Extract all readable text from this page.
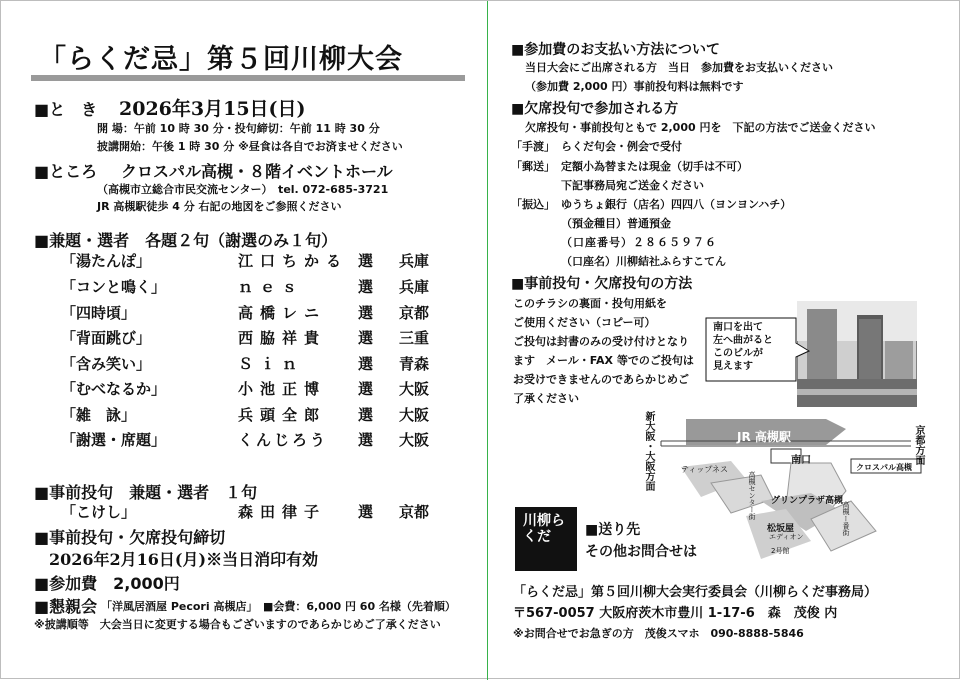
「らくだ忌」第５回川柳大会
■と　き 2026年3月15日(日)
開 場：午前 10 時 30 分・投句締切：午前 11 時 30 分
披講開始：午後 1 時 30 分 ※昼食は各自でお済ませください
■ところ クロスパル高槻・８階イベントホール
（高槻市立総合市民交流センター）　tel. 072-685-3721
JR 高槻駅徒歩 4 分 右記の地図をご参照ください
■兼題・選者　各題２句（謝選のみ１句）
「湯たんぽ」	江口ちかる 選 兵庫
「コンと鳴く」	ｎｅｓ	選 兵庫
「四時頃」	高橋レニ 選 京都
「背面跳び」	西脇祥貴 選 三重
「含み笑い」	Ｓｉｎ	選 青森
「むべなるか」	小池正博 選 大阪
「雑　詠」	兵頭全郎 選 大阪
「謝選・席題」	くんじろう 選 大阪
■事前投句　兼題・選者　１句
「こけし」	森田律子 選 京都
■事前投句・欠席投句締切
2026年2月16日(月)※当日消印有効
■参加費　2,000円
■懇親会 「洋風居酒屋 Pecori 高槻店」　■会費：6,000 円 60 名様（先着順）
※披講順等　大会当日に変更する場合もございますのであらかじめご了承ください
■参加費のお支払い方法について
当日大会にご出席される方　当日　参加費をお支払いください
（参加費 2,000 円）事前投句料は無料です
■欠席投句で参加される方
欠席投句・事前投句ともで 2,000 円を　下記の方法でご送金ください
「手渡」 らくだ句会・例会で受付
「郵送」 定額小為替または現金（切手は不可）
下記事務局宛ご送金ください
「振込」 ゆうちょ銀行（店名）四四八（ヨンヨンハチ）
（預金種目）普通預金
（口座番号）２８６５９７６
（口座名）川柳結社ふらすこてん
■事前投句・欠席投句の方法
このチラシの裏面・投句用紙を
ご使用ください（コピー可）
ご投句は封書のみの受け付けとなり
ます　メール・FAX 等でのご投句は
お受けできませんのであらかじめご
了承ください
南口を出て
左へ曲がると
このビルが
見えます
JR 高槻駅
南口
新大阪・大阪方面	京都方面
クロスパル高槻
ティップネス
グリンプラザ高槻
松坂屋
エディオン
2号館
高槻センター街	高槻ー番街
川柳らくだ	■送り先
その他お問合せは
「らくだ忌」第５回川柳大会実行委員会（川柳らくだ事務局）
〒567-0057 大阪府茨木市豊川 1-17-6　森　茂俊 内
※お問合せでお急ぎの方　茂俊スマホ　090-8888-5846
